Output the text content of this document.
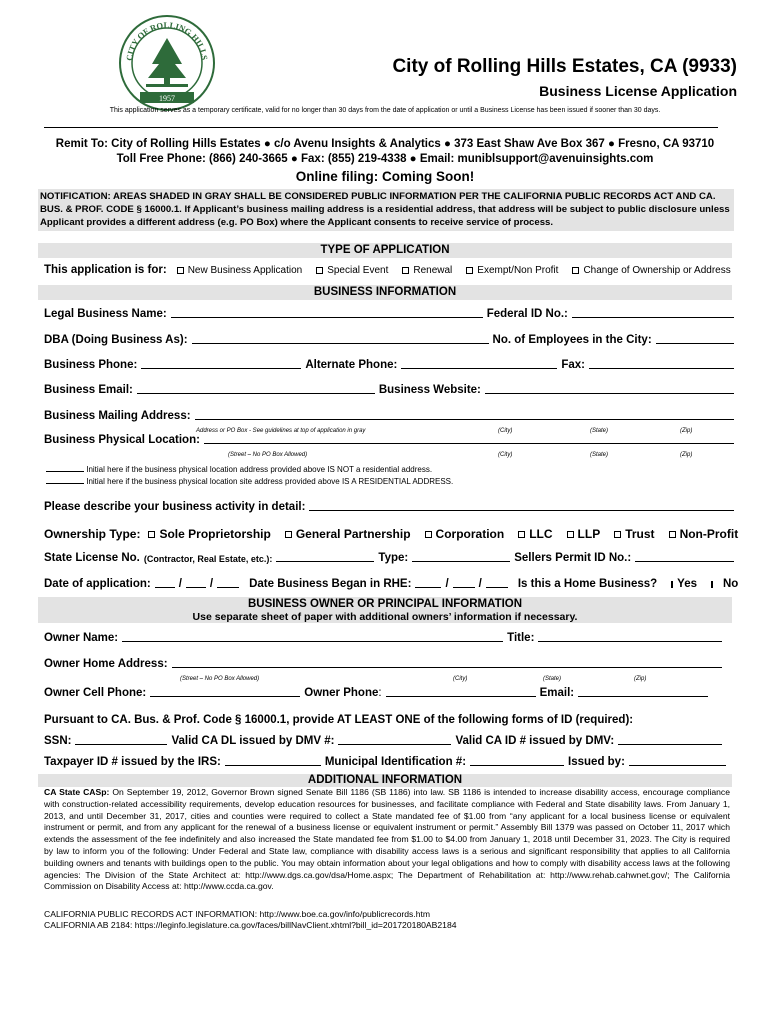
CITY OF ROLLING HILLS
1957
City of Rolling Hills Estates, CA (9933)
Business License Application
This application serves as a temporary certificate, valid for no longer than 30 days from the date of application or until a Business License has been issued if sooner than 30 days.
Remit To: City of Rolling Hills Estates ● c/o Avenu Insights & Analytics ● 373 East Shaw Ave Box 367 ● Fresno, CA 93710
Toll Free Phone: (866) 240-3665 ● Fax: (855) 219-4338 ● Email: muniblsupport@avenuinsights.com
Online filing: Coming Soon!
NOTIFICATION: AREAS SHADED IN GRAY SHALL BE CONSIDERED PUBLIC INFORMATION PER THE CALIFORNIA PUBLIC RECORDS ACT AND CA. BUS. & PROF. CODE § 16000.1. If Applicant’s business mailing address is a residential address, that address will be subject to public disclosure unless Applicant provides a different address (e.g. PO Box) where the Applicant consents to receive service of process.
TYPE OF APPLICATION
This application is for: New Business Application	Special Event	Renewal	Exempt/Non Profit	Change of Ownership or Address
BUSINESS INFORMATION
Legal Business Name:	Federal ID No.:
DBA (Doing Business As):	No. of Employees in the City:
Business Phone:	Alternate Phone:	Fax:
Business Email:	Business Website:
Business Mailing Address:
Address or PO Box - See guidelines at top of application in gray	(City)	(State)	(Zip)
Business Physical Location:
(Street – No PO Box Allowed)	(City)	(State)	(Zip)
Initial here if the business physical location address provided above IS NOT a residential address.
Initial here if the business physical location site address provided above IS A RESIDENTIAL ADDRESS.
Please describe your business activity in detail:
Ownership Type: Sole Proprietorship General Partnership Corporation LLC LLP Trust Non-Profit
State License No. (Contractor, Real Estate, etc.):	Type:	Sellers Permit ID No.:
Date of application: / /	Date Business Began in RHE:	/	/	Is this a Home Business? Yes No
BUSINESS OWNER OR PRINCIPAL INFORMATION
Use separate sheet of paper with additional owners’ information if necessary.
Owner Name:	Title:
Owner Home Address:
(Street – No PO Box Allowed)	(City)	(State)	(Zip)
Owner Cell Phone:	Owner Phone :	Email:
Pursuant to CA. Bus. & Prof. Code § 16000.1, provide AT LEAST ONE of the following forms of ID (required):
SSN:	Valid CA DL issued by DMV #:	Valid CA ID # issued by DMV:
Taxpayer ID # issued by the IRS:	Municipal Identification #:	Issued by:
ADDITIONAL INFORMATION
CA State CASp: On September 19, 2012, Governor Brown signed Senate Bill 1186 (SB 1186) into law. SB 1186 is intended to increase disability access, encourage compliance with construction-related accessibility requirements, develop education resources for businesses, and facilitate compliance with Federal and State disability laws. From January 1, 2013, and until December 31, 2017, cities and counties were required to collect a State mandated fee of $1.00 from “any applicant for a local business license or equivalent instrument or permit, and from any applicant for the renewal of a business license or equivalent instrument or permit.” Assembly Bill 1379 was passed on October 11, 2017 which extends the assessment of the fee indefinitely and also increased the State mandated fee from $1.00 to $4.00 from January 1, 2018 until December 31, 2023. The City is required by law to inform you of the following: Under Federal and State law, compliance with disability access laws is a serious and significant responsibility that applies to all California building owners and tenants with buildings open to the public. You may obtain information about your legal obligations and how to comply with disability access laws at the following agencies: The Division of the State Architect at: http://www.dgs.ca.gov/dsa/Home.aspx; The Department of Rehabilitation at: http://www.rehab.cahwnet.gov/; The California Commission on Disability Access at: http://www.ccda.ca.gov.
CALIFORNIA PUBLIC RECORDS ACT INFORMATION: http://www.boe.ca.gov/info/publicrecords.htm
CALIFORNIA AB 2184: https://leginfo.legislature.ca.gov/faces/billNavClient.xhtml?bill_id=201720180AB2184
